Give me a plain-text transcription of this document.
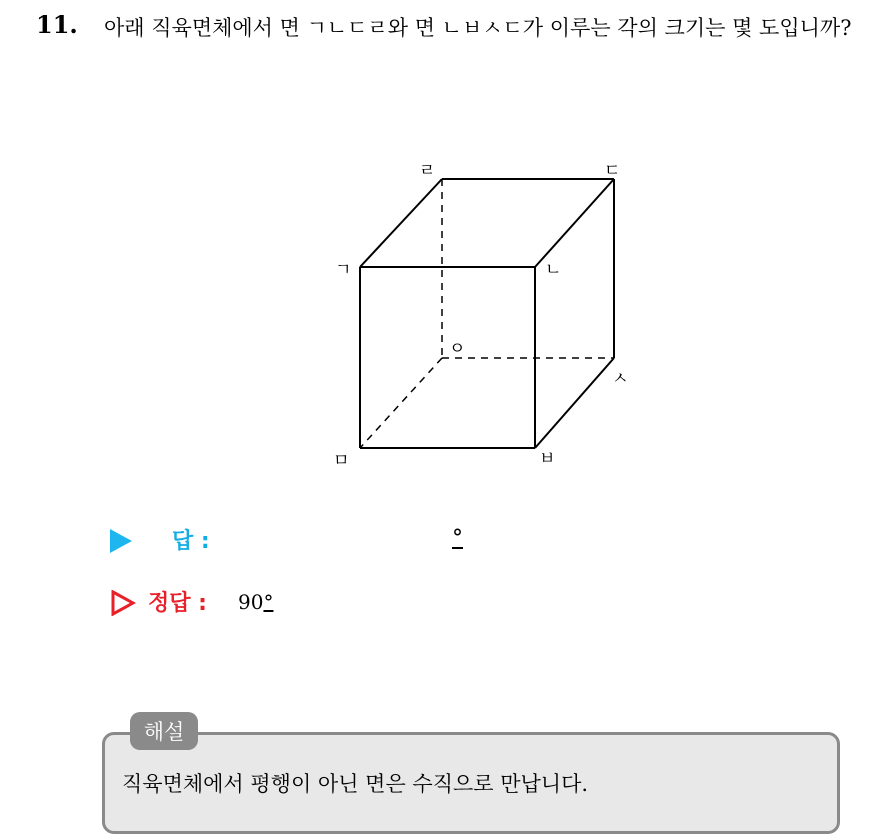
11. 아래 직육면체에서 면 ㄱㄴㄷㄹ와 면 ㄴㅂㅅㄷ가 이루는 각의 크기는 몇 도입니까?
ㄹ	ㄷ
ㄱ	ㄴ
ㅇ
ㅅ
ㅁ	ㅂ
답 :	°
정답 : 90°
해설
직육면체에서 평행이 아닌 면은 수직으로 만납니다.
